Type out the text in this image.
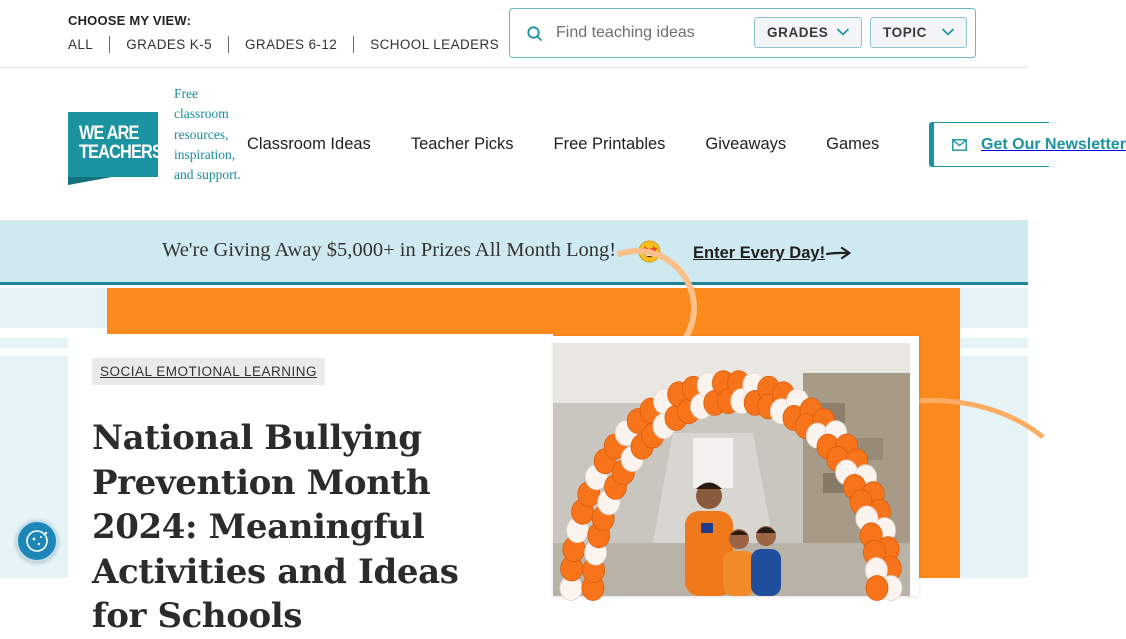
CHOOSE MY VIEW:
ALL	GRADES K-5	GRADES 6-12	SCHOOL LEADERS
Find teaching ideas
GRADES	TOPIC
WE ARE
TEACHERS
Free classroom resources, inspiration, and support.
Classroom Ideas Teacher Picks Free Printables Giveaways Games	Get Our Newsletter
We're Giving Away $5,000+ in Prizes All Month Long!	Enter Every Day!
SOCIAL EMOTIONAL LEARNING
National Bullying Prevention Month 2024: Meaningful Activities and Ideas for Schools
